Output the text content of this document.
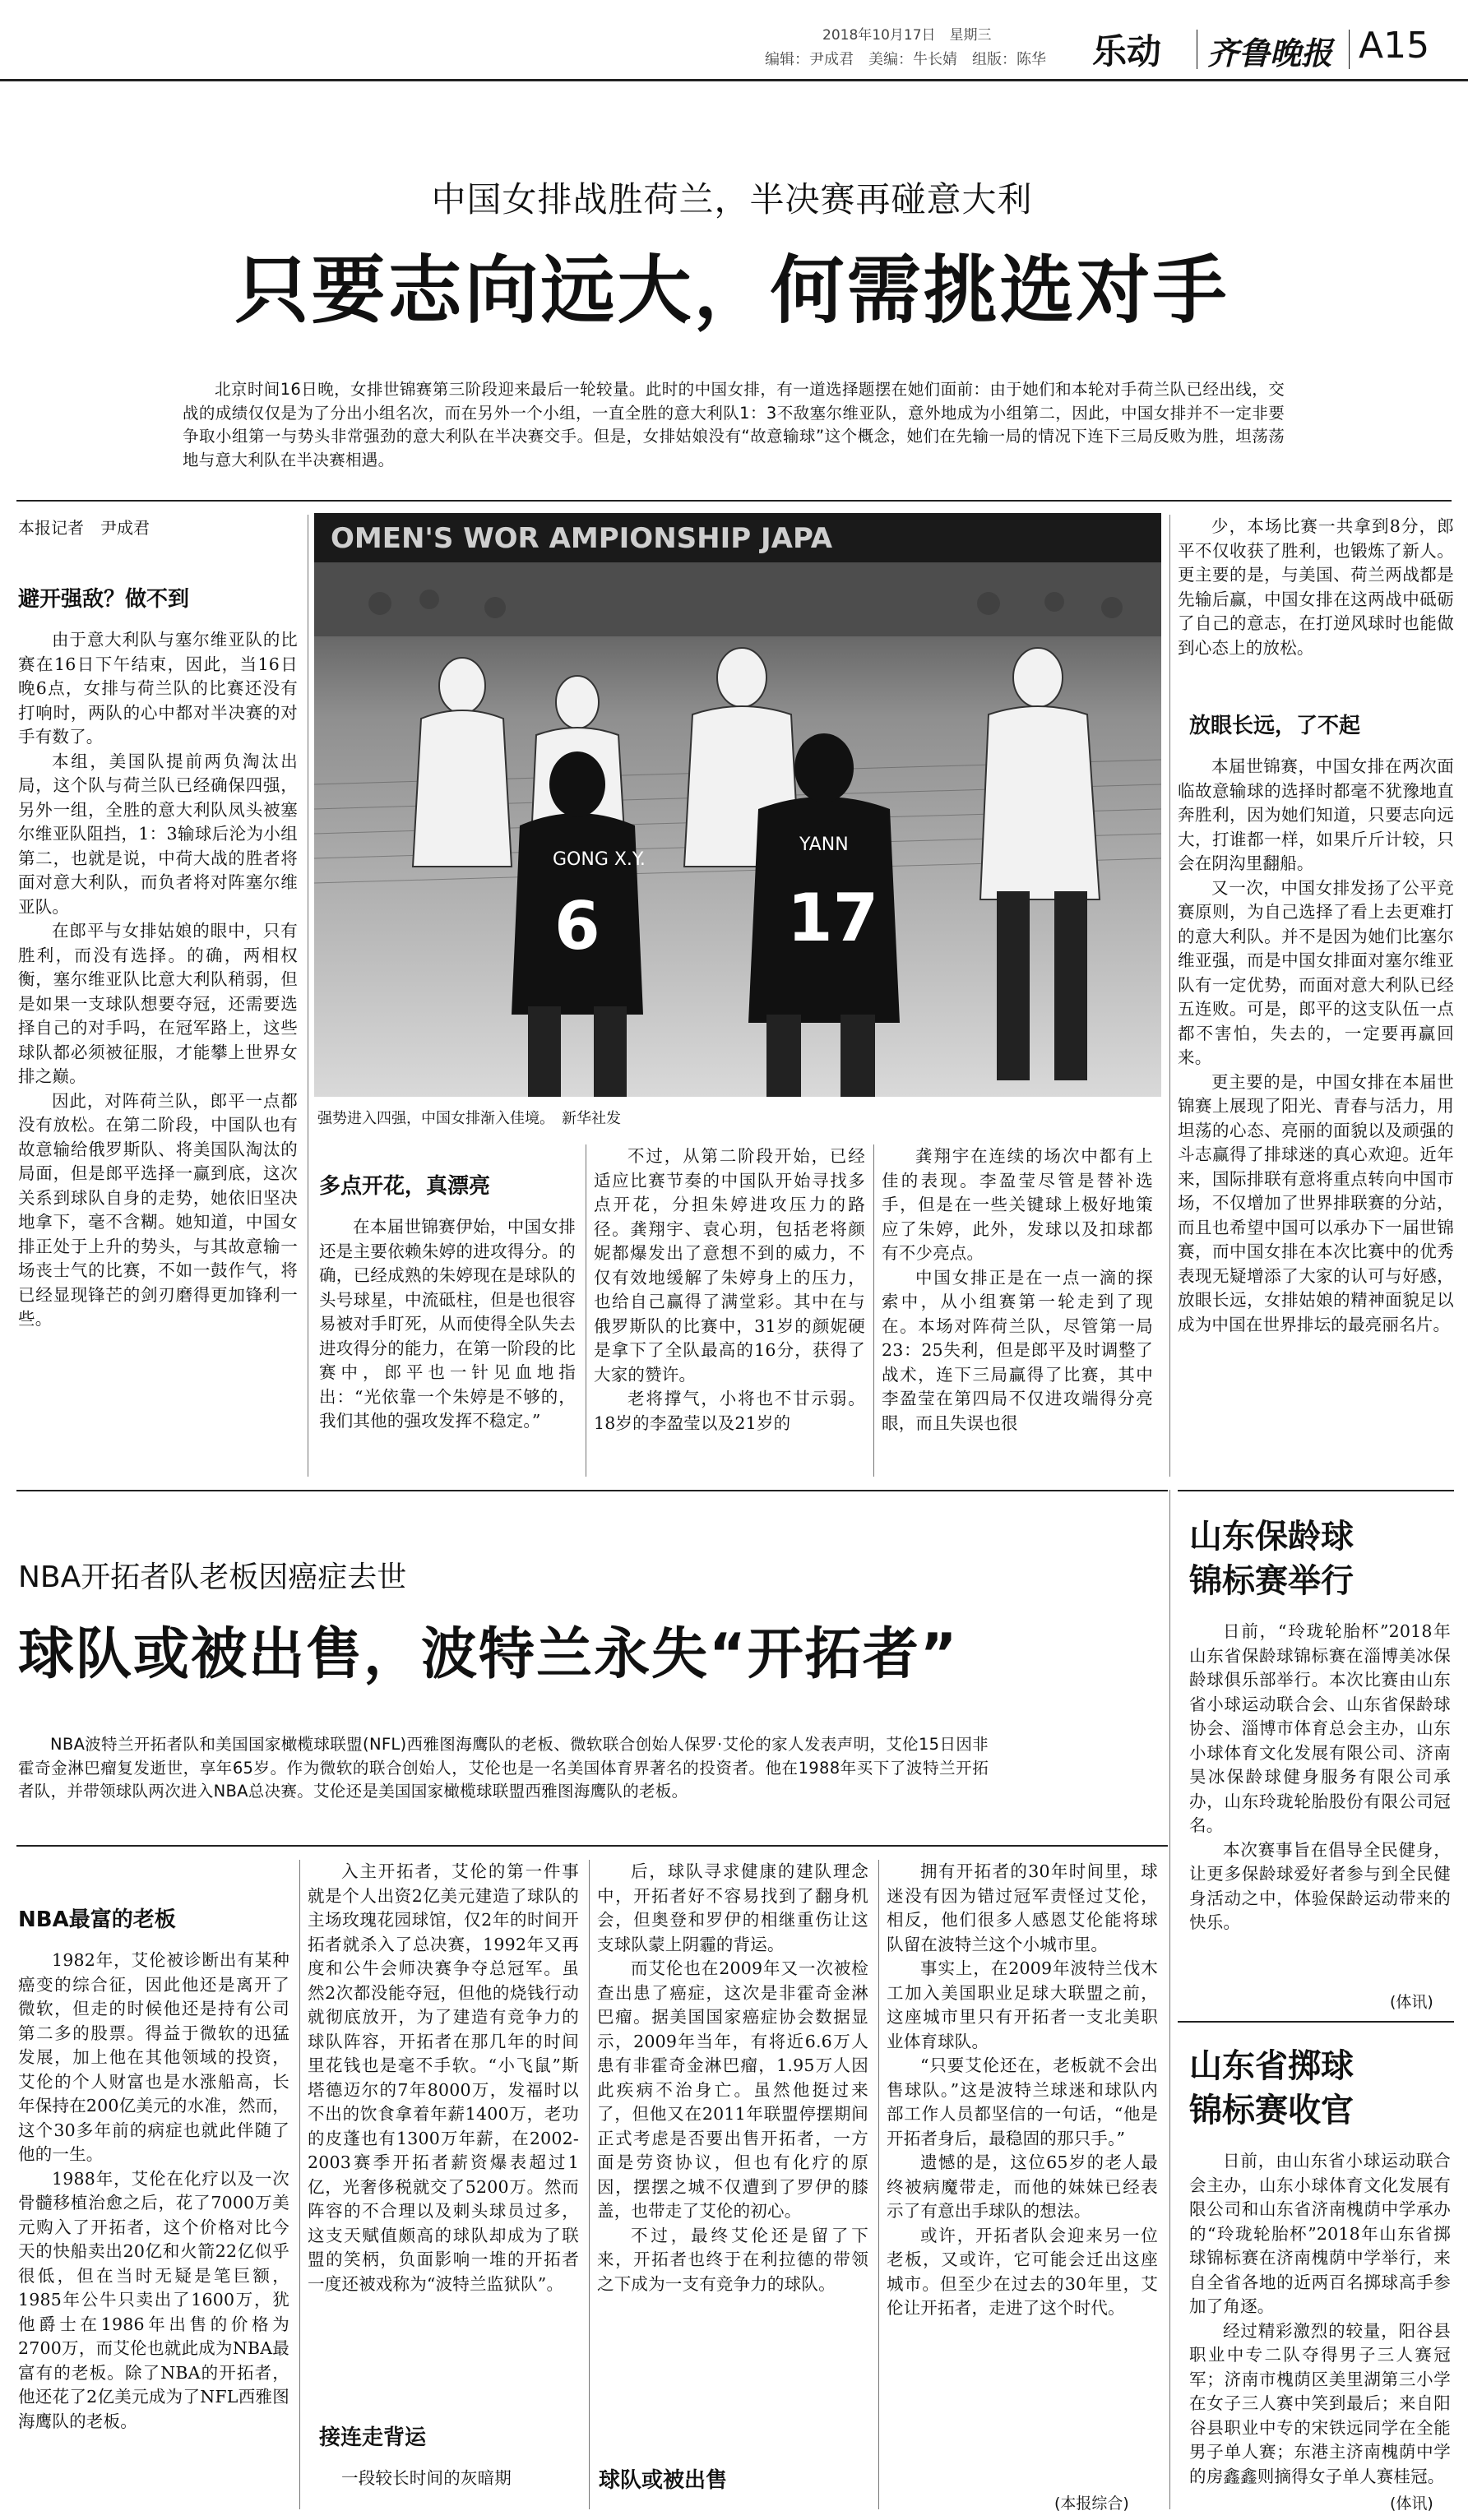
2018年10月17日　星期三
编辑：尹成君　美编：牛长婧　组版：陈华 乐动 齐鲁晚报 A15
中国女排战胜荷兰，半决赛再碰意大利
只要志向远大，何需挑选对手

北京时间16日晚，女排世锦赛第三阶段迎来最后一轮较量。此时的中国女排，有一道选择题摆在她们面前：由于她们和本轮对手荷兰队已经出线，交战的成绩仅仅是为了分出小组名次，而在另外一个小组，一直全胜的意大利队1：3不敌塞尔维亚队，意外地成为小组第二，因此，中国女排并不一定非要争取小组第一与势头非常强劲的意大利队在半决赛交手。但是，女排姑娘没有“故意输球”这个概念，她们在先输一局的情况下连下三局反败为胜，坦荡荡地与意大利队在半决赛相遇。

本报记者　尹成君
避开强敌？做不到

由于意大利队与塞尔维亚队的比赛在16日下午结束，因此，当16日晚6点，女排与荷兰队的比赛还没有打响时，两队的心中都对半决赛的对手有数了。

本组，美国队提前两负淘汰出局，这个队与荷兰队已经确保四强，另外一组，全胜的意大利队凤头被塞尔维亚队阻挡，1：3输球后沦为小组第二，也就是说，中荷大战的胜者将面对意大利队，而负者将对阵塞尔维亚队。

在郎平与女排姑娘的眼中，只有胜利，而没有选择。的确，两相权衡，塞尔维亚队比意大利队稍弱，但是如果一支球队想要夺冠，还需要选择自己的对手吗，在冠军路上，这些球队都必须被征服，才能攀上世界女排之巅。

因此，对阵荷兰队，郎平一点都没有放松。在第二阶段，中国队也有故意输给俄罗斯队、将美国队淘汰的局面，但是郎平选择一赢到底，这次关系到球队自身的走势，她依旧坚决地拿下，毫不含糊。她知道，中国女排正处于上升的势头，与其故意输一场丧士气的比赛，不如一鼓作气，将已经显现锋芒的剑刃磨得更加锋利一些。

OMEN'S WOR AMPIONSHIP JAPA
GONG X.Y.
6
YANN
17
强势进入四强，中国女排渐入佳境。　新华社发
多点开花，真漂亮

在本届世锦赛伊始，中国女排还是主要依赖朱婷的进攻得分。的确，已经成熟的朱婷现在是球队的头号球星，中流砥柱，但是也很容易被对手盯死，从而使得全队失去进攻得分的能力，在第一阶段的比赛中，郎平也一针见血地指出：“光依靠一个朱婷是不够的，我们其他的强攻发挥不稳定。”

不过，从第二阶段开始，已经适应比赛节奏的中国队开始寻找多点开花，分担朱婷进攻压力的路径。龚翔宇、袁心玥，包括老将颜妮都爆发出了意想不到的威力，不仅有效地缓解了朱婷身上的压力，也给自己赢得了满堂彩。其中在与俄罗斯队的比赛中，31岁的颜妮硬是拿下了全队最高的16分，获得了大家的赞许。

老将撑气，小将也不甘示弱。18岁的李盈莹以及21岁的

龚翔宇在连续的场次中都有上佳的表现。李盈莹尽管是替补选手，但是在一些关键球上极好地策应了朱婷，此外，发球以及扣球都有不少亮点。

中国女排正是在一点一滴的探索中，从小组赛第一轮走到了现在。本场对阵荷兰队，尽管第一局23：25失利，但是郎平及时调整了战术，连下三局赢得了比赛，其中李盈莹在第四局不仅进攻端得分亮眼，而且失误也很

少，本场比赛一共拿到8分，郎平不仅收获了胜利，也锻炼了新人。更主要的是，与美国、荷兰两战都是先输后赢，中国女排在这两战中砥砺了自己的意志，在打逆风球时也能做到心态上的放松。

放眼长远，了不起

本届世锦赛，中国女排在两次面临故意输球的选择时都毫不犹豫地直奔胜利，因为她们知道，只要志向远大，打谁都一样，如果斤斤计较，只会在阴沟里翻船。

又一次，中国女排发扬了公平竞赛原则，为自己选择了看上去更难打的意大利队。并不是因为她们比塞尔维亚强，而是中国女排面对塞尔维亚队有一定优势，而面对意大利队已经五连败。可是，郎平的这支队伍一点都不害怕，失去的，一定要再赢回来。

更主要的是，中国女排在本届世锦赛上展现了阳光、青春与活力，用坦荡的心态、亮丽的面貌以及顽强的斗志赢得了排球迷的真心欢迎。近年来，国际排联有意将重点转向中国市场，不仅增加了世界排联赛的分站，而且也希望中国可以承办下一届世锦赛，而中国女排在本次比赛中的优秀表现无疑增添了大家的认可与好感，放眼长远，女排姑娘的精神面貌足以成为中国在世界排坛的最亮丽名片。

NBA开拓者队老板因癌症去世
球队或被出售，波特兰永失“开拓者”

NBA波特兰开拓者队和美国国家橄榄球联盟(NFL)西雅图海鹰队的老板、微软联合创始人保罗·艾伦的家人发表声明，艾伦15日因非霍奇金淋巴瘤复发逝世，享年65岁。作为微软的联合创始人，艾伦也是一名美国体育界著名的投资者。他在1988年买下了波特兰开拓者队，并带领球队两次进入NBA总决赛。艾伦还是美国国家橄榄球联盟西雅图海鹰队的老板。

NBA最富的老板

1982年，艾伦被诊断出有某种癌变的综合征，因此他还是离开了微软，但走的时候他还是持有公司第二多的股票。得益于微软的迅猛发展，加上他在其他领域的投资，艾伦的个人财富也是水涨船高，长年保持在200亿美元的水准，然而，这个30多年前的病症也就此伴随了他的一生。

1988年，艾伦在化疗以及一次骨髓移植治愈之后，花了7000万美元购入了开拓者，这个价格对比今天的快船卖出20亿和火箭22亿似乎很低，但在当时无疑是笔巨额，1985年公牛只卖出了1600万，犹他爵士在1986年出售的价格为2700万，而艾伦也就此成为NBA最富有的老板。除了NBA的开拓者，他还花了2亿美元成为了NFL西雅图海鹰队的老板。

入主开拓者，艾伦的第一件事就是个人出资2亿美元建造了球队的主场玫瑰花园球馆，仅2年的时间开拓者就杀入了总决赛，1992年又再度和公牛会师决赛争夺总冠军。虽然2次都没能夺冠，但他的烧钱行动就彻底放开，为了建造有竞争力的球队阵容，开拓者在那几年的时间里花钱也是毫不手软。“小飞鼠”斯塔德迈尔的7年8000万，发福时以不出的饮食拿着年薪1400万，老功的皮蓬也有1300万年薪，在2002-2003赛季开拓者薪资爆表超过1亿，光奢侈税就交了5200万。然而阵容的不合理以及刺头球员过多，这支天赋值颇高的球队却成为了联盟的笑柄，负面影响一堆的开拓者一度还被戏称为“波特兰监狱队”。

接连走背运

一段较长时间的灰暗期

后，球队寻求健康的建队理念中，开拓者好不容易找到了翻身机会，但奥登和罗伊的相继重伤让这支球队蒙上阴霾的背运。

而艾伦也在2009年又一次被检查出患了癌症，这次是非霍奇金淋巴瘤。据美国国家癌症协会数据显示，2009年当年，有将近6.6万人患有非霍奇金淋巴瘤，1.95万人因此疾病不治身亡。虽然他挺过来了，但他又在2011年联盟停摆期间正式考虑是否要出售开拓者，一方面是劳资协议，但也有化疗的原因，摆摆之城不仅遭到了罗伊的膝盖，也带走了艾伦的初心。

不过，最终艾伦还是留了下来，开拓者也终于在利拉德的带领之下成为一支有竞争力的球队。

球队或被出售

拥有开拓者的30年时间里，球迷没有因为错过冠军责怪过艾伦，相反，他们很多人感恩艾伦能将球队留在波特兰这个小城市里。

事实上，在2009年波特兰伐木工加入美国职业足球大联盟之前，这座城市里只有开拓者一支北美职业体育球队。

“只要艾伦还在，老板就不会出售球队。”这是波特兰球迷和球队内部工作人员都坚信的一句话，“他是开拓者身后，最稳固的那只手。”

遗憾的是，这位65岁的老人最终被病魔带走，而他的妹妹已经表示了有意出手球队的想法。

或许，开拓者队会迎来另一位老板，又或许，它可能会迁出这座城市。但至少在过去的30年里，艾伦让开拓者，走进了这个时代。

(本报综合)
山东保龄球
锦标赛举行

日前，“玲珑轮胎杯”2018年山东省保龄球锦标赛在淄博美冰保龄球俱乐部举行。本次比赛由山东省小球运动联合会、山东省保龄球协会、淄博市体育总会主办，山东小球体育文化发展有限公司、济南昊冰保龄球健身服务有限公司承办，山东玲珑轮胎股份有限公司冠名。

本次赛事旨在倡导全民健身，让更多保龄球爱好者参与到全民健身活动之中，体验保龄运动带来的快乐。

(体讯)
山东省掷球
锦标赛收官

日前，由山东省小球运动联合会主办，山东小球体育文化发展有限公司和山东省济南槐荫中学承办的“玲珑轮胎杯”2018年山东省掷球锦标赛在济南槐荫中学举行，来自全省各地的近两百名掷球高手参加了角逐。

经过精彩激烈的较量，阳谷县职业中专二队夺得男子三人赛冠军；济南市槐荫区美里湖第三小学在女子三人赛中笑到最后；来自阳谷县职业中专的宋铁远同学在全能男子单人赛；东港主济南槐荫中学的房鑫鑫则摘得女子单人赛桂冠。

(体讯)
